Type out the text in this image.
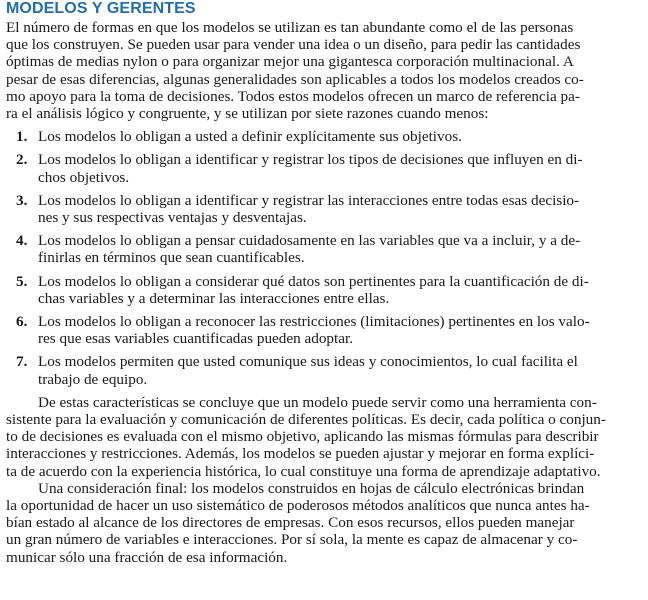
MODELOS Y GERENTES
El número de formas en que los modelos se utilizan es tan abundante como el de las personas
que los construyen. Se pueden usar para vender una idea o un diseño, para pedir las cantidades
óptimas de medias nylon o para organizar mejor una gigantesca corporación multinacional. A
pesar de esas diferencias, algunas generalidades son aplicables a todos los modelos creados co-
mo apoyo para la toma de decisiones. Todos estos modelos ofrecen un marco de referencia pa-
ra el análisis lógico y congruente, y se utilizan por siete razones cuando menos:
1. Los modelos lo obligan a usted a definir explícitamente sus objetivos.
2. Los modelos lo obligan a identificar y registrar los tipos de decisiones que influyen en di-
chos objetivos.
3. Los modelos lo obligan a identificar y registrar las interacciones entre todas esas decisio-
nes y sus respectivas ventajas y desventajas.
4. Los modelos lo obligan a pensar cuidadosamente en las variables que va a incluir, y a de-
finirlas en términos que sean cuantificables.
5. Los modelos lo obligan a considerar qué datos son pertinentes para la cuantificación de di-
chas variables y a determinar las interacciones entre ellas.
6. Los modelos lo obligan a reconocer las restricciones (limitaciones) pertinentes en los valo-
res que esas variables cuantificadas pueden adoptar.
7. Los modelos permiten que usted comunique sus ideas y conocimientos, lo cual facilita el
trabajo de equipo.
De estas características se concluye que un modelo puede servir como una herramienta con-
sistente para la evaluación y comunicación de diferentes políticas. Es decir, cada política o conjun-
to de decisiones es evaluada con el mismo objetivo, aplicando las mismas fórmulas para describir
interacciones y restricciones. Además, los modelos se pueden ajustar y mejorar en forma explíci-
ta de acuerdo con la experiencia histórica, lo cual constituye una forma de aprendizaje adaptativo.
Una consideración final: los modelos construidos en hojas de cálculo electrónicas brindan
la oportunidad de hacer un uso sistemático de poderosos métodos analíticos que nunca antes ha-
bían estado al alcance de los directores de empresas. Con esos recursos, ellos pueden manejar
un gran número de variables e interacciones. Por sí sola, la mente es capaz de almacenar y co-
municar sólo una fracción de esa información.
